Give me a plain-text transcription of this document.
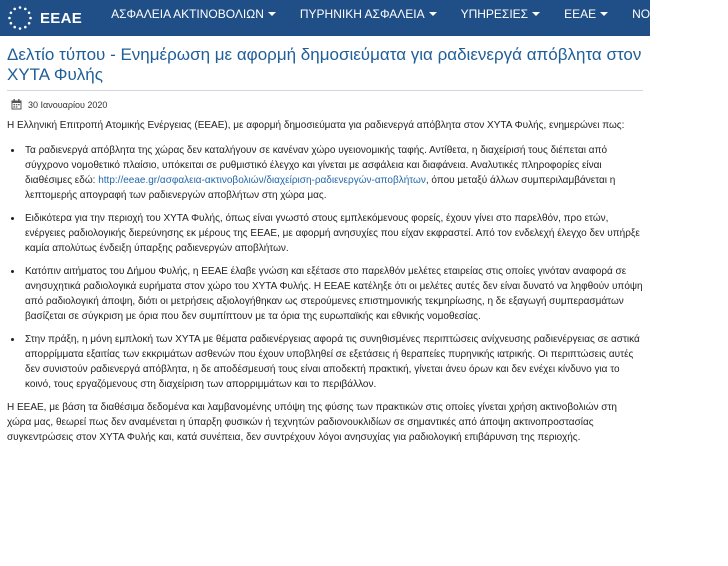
EEAE ΑΣΦΑΛΕΙΑ ΑΚΤΙΝΟΒΟΛΙΩΝ	ΠΥΡΗΝΙΚΗ ΑΣΦΑΛΕΙΑ	ΥΠΗΡΕΣΙΕΣ	ΕΕΑΕ	ΝΟΜΟΘΕΣΙΑ
Δελτίο τύπου - Ενημέρωση με αφορμή δημοσιεύματα για ραδιενεργά απόβλητα στον ΧΥΤΑ Φυλής
30 Ιανουαρίου 2020

Η Ελληνική Επιτροπή Ατομικής Ενέργειας (ΕΕΑΕ), με αφορμή δημοσιεύματα για ραδιενεργά απόβλητα στον ΧΥΤΑ Φυλής, ενημερώνει πως:

• Τα ραδιενεργά απόβλητα της χώρας δεν καταλήγουν σε κανέναν χώρο υγειονομικής ταφής. Αντίθετα, η διαχείρισή τους διέπεται από σύγχρονο νομοθετικό πλαίσιο, υπόκειται σε ρυθμιστικό έλεγχο και γίνεται με ασφάλεια και διαφάνεια. Αναλυτικές πληροφορίες είναι διαθέσιμες εδώ: http://eeae.gr/ασφαλεια-ακτινοβολιών/διαχείριση-ραδιενεργών-αποβλήτων, όπου μεταξύ άλλων συμπεριλαμβάνεται η λεπτομερής απογραφή των ραδιενεργών αποβλήτων στη χώρα μας.
• Ειδικότερα για την περιοχή του ΧΥΤΑ Φυλής, όπως είναι γνωστό στους εμπλεκόμενους φορείς, έχουν γίνει στο παρελθόν, προ ετών, ενέργειες ραδιολογικής διερεύνησης εκ μέρους της ΕΕΑΕ, με αφορμή ανησυχίες που είχαν εκφραστεί. Από τον ενδελεχή έλεγχο δεν υπήρξε καμία απολύτως ένδειξη ύπαρξης ραδιενεργών αποβλήτων.
• Κατόπιν αιτήματος του Δήμου Φυλής, η ΕΕΑΕ έλαβε γνώση και εξέτασε στο παρελθόν μελέτες εταιρείας στις οποίες γινόταν αναφορά σε ανησυχητικά ραδιολογικά ευρήματα στον χώρο του ΧΥΤΑ Φυλής. Η ΕΕΑΕ κατέληξε ότι οι μελέτες αυτές δεν είναι δυνατό να ληφθούν υπόψη από ραδιολογική άποψη, διότι οι μετρήσεις αξιολογήθηκαν ως στερούμενες επιστημονικής τεκμηρίωσης, η δε εξαγωγή συμπερασμάτων βασίζεται σε σύγκριση με όρια που δεν συμπίπτουν με τα όρια της ευρωπαϊκής και εθνικής νομοθεσίας.
• Στην πράξη, η μόνη εμπλοκή των ΧΥΤΑ με θέματα ραδιενέργειας αφορά τις συνηθισμένες περιπτώσεις ανίχνευσης ραδιενέργειας σε αστικά απορρίμματα εξαιτίας των εκκριμάτων ασθενών που έχουν υποβληθεί σε εξετάσεις ή θεραπείες πυρηνικής ιατρικής. Οι περιπτώσεις αυτές δεν συνιστούν ραδιενεργά απόβλητα, η δε αποδέσμευσή τους είναι αποδεκτή πρακτική, γίνεται άνευ όρων και δεν ενέχει κίνδυνο για το κοινό, τους εργαζόμενους στη διαχείριση των απορριμμάτων και το περιβάλλον.

Η ΕΕΑΕ, με βάση τα διαθέσιμα δεδομένα και λαμβανομένης υπόψη της φύσης των πρακτικών στις οποίες γίνεται χρήση ακτινοβολιών στη χώρα μας, θεωρεί πως δεν αναμένεται η ύπαρξη φυσικών ή τεχνητών ραδιονουκλιδίων σε σημαντικές από άποψη ακτινοπροστασίας συγκεντρώσεις στον ΧΥΤΑ Φυλής και, κατά συνέπεια, δεν συντρέχουν λόγοι ανησυχίας για ραδιολογική επιβάρυνση της περιοχής.
